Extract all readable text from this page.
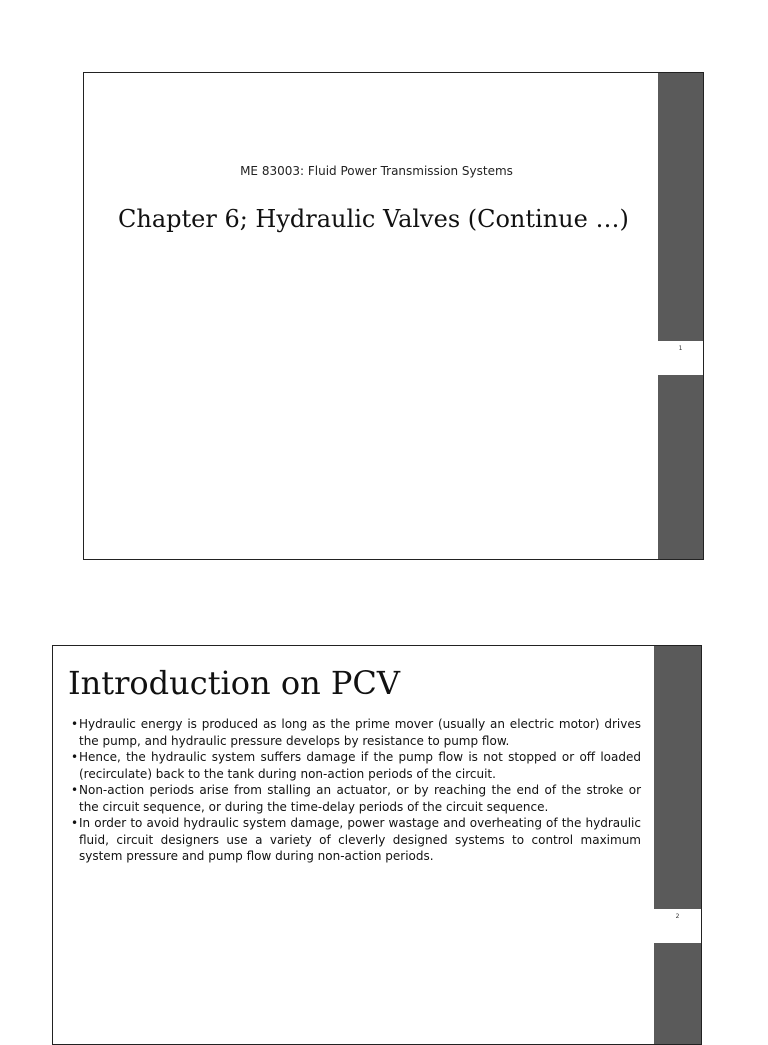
ME 83003: Fluid Power Transmission Systems
Chapter 6; Hydraulic Valves (Continue …)
1
Introduction on PCV
• Hydraulic energy is produced as long as the prime mover (usually an electric motor) drives the pump, and hydraulic pressure develops by resistance to pump flow.
• Hence, the hydraulic system suffers damage if the pump flow is not stopped or off loaded (recirculate) back to the tank during non-action periods of the circuit.
• Non-action periods arise from stalling an actuator, or by reaching the end of the stroke or the circuit sequence, or during the time-delay periods of the circuit sequence.
• In order to avoid hydraulic system damage, power wastage and overheating of the hydraulic fluid, circuit designers use a variety of cleverly designed systems to control maximum system pressure and pump flow during non-action periods.
2
